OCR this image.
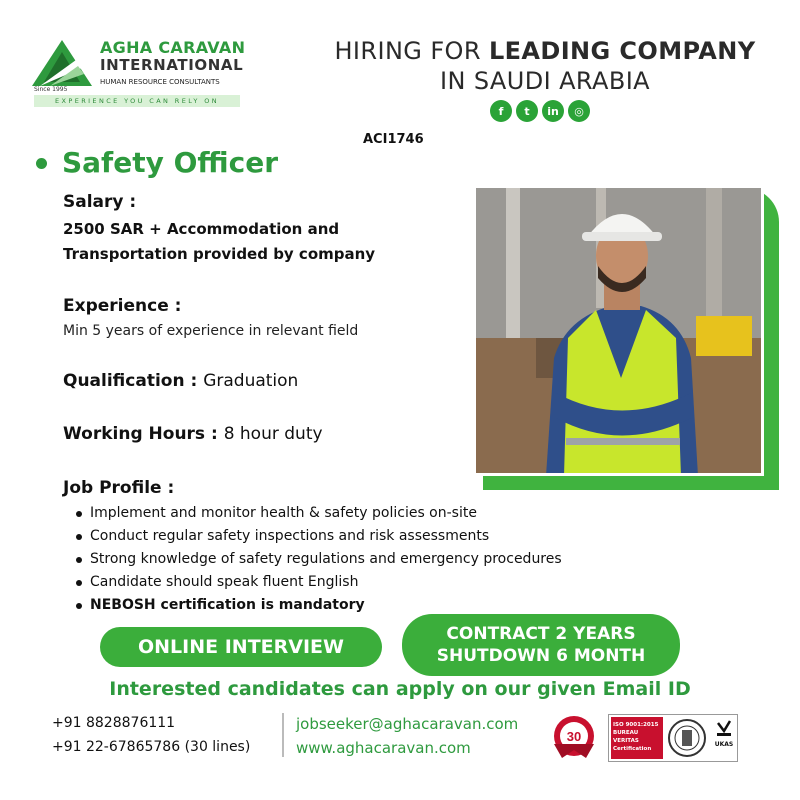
AGHA CARAVAN
INTERNATIONAL
HUMAN RESOURCE CONSULTANTS
Since 1995
EXPERIENCE YOU CAN RELY ON
HIRING FOR LEADING COMPANY
IN SAUDI ARABIA
f	t	in	◎
ACI1746
Safety Officer
Salary :
2500 SAR + Accommodation and
Transportation provided by company
Experience :
Min 5 years of experience in relevant field
Qualification : Graduation
Working Hours : 8 hour duty
Job Profile :
Implement and monitor health & safety policies on-site
Conduct regular safety inspections and risk assessments
Strong knowledge of safety regulations and emergency procedures
Candidate should speak fluent English
NEBOSH certification is mandatory
ONLINE INTERVIEW
CONTRACT 2 YEARS
SHUTDOWN 6 MONTH
Interested candidates can apply on our given Email ID
+91 8828876111
+91 22-67865786 (30 lines)
jobseeker@aghacaravan.com
www.aghacaravan.com
30
ISO 9001:2015
BUREAU VERITAS
Certification
UKAS
